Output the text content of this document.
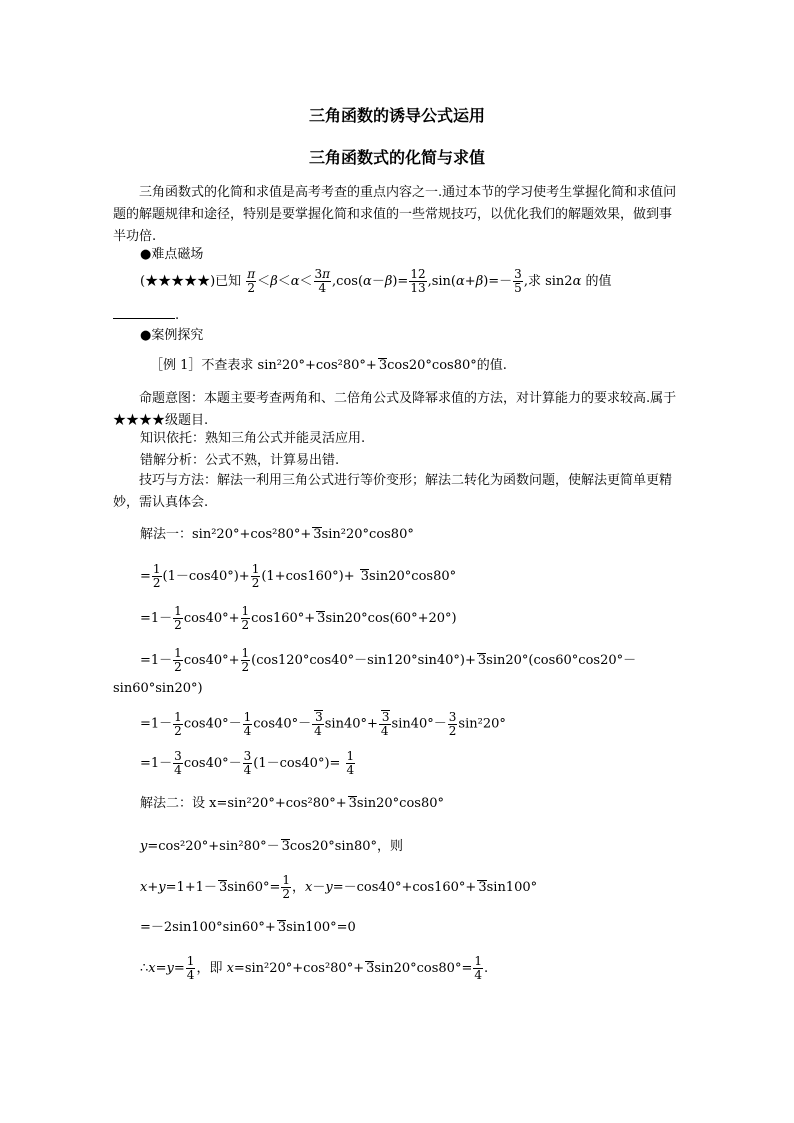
三角函数的诱导公式运用
三角函数式的化简与求值
三角函数式的化简和求值是高考考查的重点内容之一.通过本节的学习使考生掌握化简和求值问题的解题规律和途径，特别是要掌握化简和求值的一些常规技巧，以优化我们的解题效果，做到事半功倍.
●难点磁场
(★★★★★)已知 $\frac{\pi}{2} <\beta<\alpha< \frac{3\pi}{4} ,\cos(\alpha-\beta)= \frac{12}{13} ,\sin(\alpha+\beta)=- \frac{3}{5}$ ,求 sin2α 的值
.
●案例探究
［例 1］不查表求 sin²20°+cos²80°+ 3cos20°cos80°的值.
命题意图：本题主要考查两角和、二倍角公式及降幂求值的方法，对计算能力的要求较高.属于★★★★级题目.
知识依托：熟知三角公式并能灵活应用.
错解分析：公式不熟，计算易出错.
技巧与方法：解法一利用三角公式进行等价变形；解法二转化为函数问题，使解法更简单更精妙，需认真体会.
解法一：sin²20°+cos²80°+ 3sin²20°cos80°
= $\frac{1}{2} (1-\cos 40^\circ)+ \frac{1}{2} (1+\cos 160^\circ)+ 3\sin 20^\circ\cos 80^\circ$
$=1- \frac{1}{2} \cos 40^\circ+ \frac{1}{2} \cos 160^\circ+ 3\sin 20^\circ\cos(60^\circ+20^\circ)$
$=1- \frac{1}{2} \cos 40^\circ+ \frac{1}{2} (\cos 120^\circ\cos 40^\circ-\sin 120^\circ\sin 40^\circ)+ 3\sin 20^\circ(\cos 60^\circ\cos 20^\circ-$
sin60°sin20°)
$=1- \frac{1}{2} \cos 40^\circ- \frac{1}{4} \cos 40^\circ- \frac{3}{4} \sin 40^\circ+ \frac{3}{4} \sin 40^\circ- \frac{3}{2} \sin^220^\circ$
$=1- \frac{3}{4} \cos 40^\circ- \frac{3}{4} (1-\cos 40^\circ)= \frac{1}{4}$
解法二：设 x=sin²20°+cos²80°+ 3sin20°cos80°
y=cos²20°+sin²80°－ 3cos20°sin80°，则
$x+y=1+1- 3\sin 60^\circ= \frac{1}{2}$ ，x－y=－cos40°+cos160°+ 3sin100°
=－2sin100°sin60°+ 3sin100°=0
∴x=y= $\frac{1}{4}$ ，即 $x=\sin^220^\circ+\cos^280^\circ+ 3\sin 20^\circ\cos 80^\circ= \frac{1}{4}$ .
